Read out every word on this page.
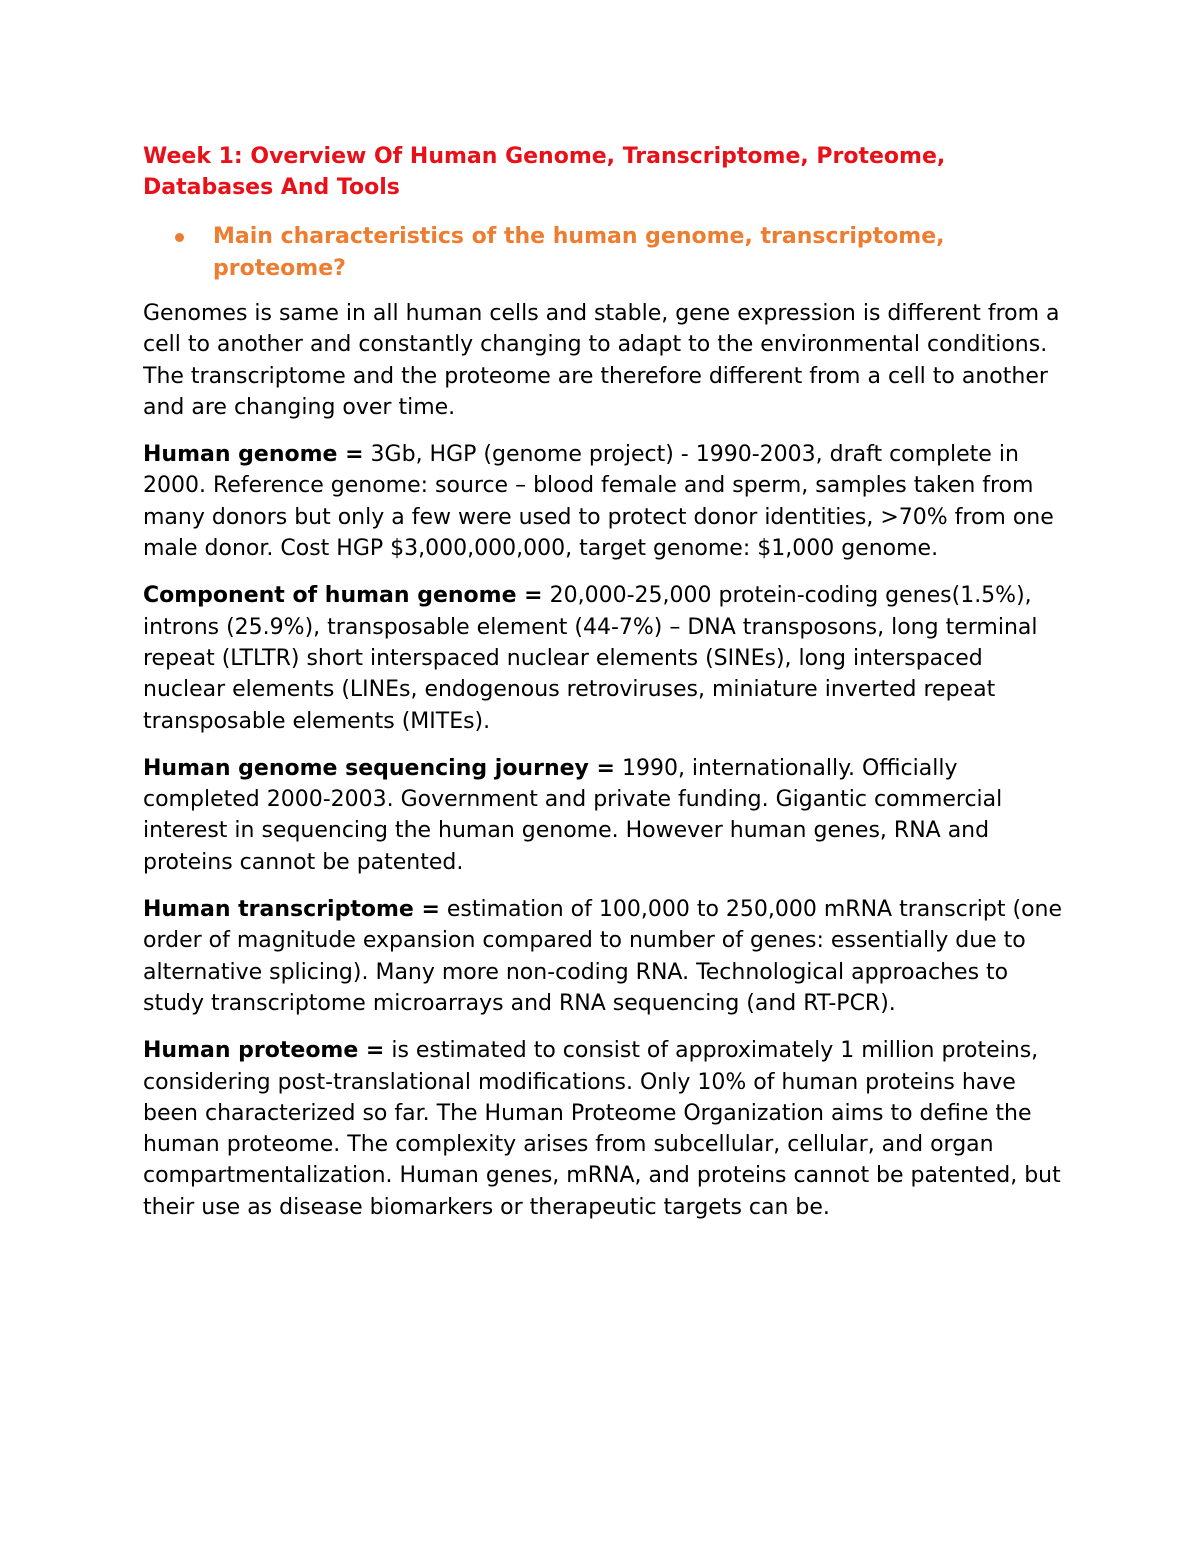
Week 1: Overview Of Human Genome, Transcriptome, Proteome, Databases And Tools
Main characteristics of the human genome, transcriptome, proteome?

Genomes is same in all human cells and stable, gene expression is different from a cell to another and constantly changing to adapt to the environmental conditions. The transcriptome and the proteome are therefore different from a cell to another and are changing over time.

Human genome = 3Gb, HGP (genome project) - 1990-2003, draft complete in 2000. Reference genome: source – blood female and sperm, samples taken from many donors but only a few were used to protect donor identities, >70% from one male donor. Cost HGP $3,000,000,000, target genome: $1,000 genome.

Component of human genome = 20,000-25,000 protein-coding genes(1.5%), introns (25.9%), transposable element (44-7%) – DNA transposons, long terminal repeat (LTLTR) short interspaced nuclear elements (SINEs), long interspaced nuclear elements (LINEs, endogenous retroviruses, miniature inverted repeat transposable elements (MITEs).

Human genome sequencing journey = 1990, internationally. Officially completed 2000-2003. Government and private funding. Gigantic commercial interest in sequencing the human genome. However human genes, RNA and proteins cannot be patented.

Human transcriptome = estimation of 100,000 to 250,000 mRNA transcript (one order of magnitude expansion compared to number of genes: essentially due to alternative splicing). Many more non-coding RNA. Technological approaches to study transcriptome microarrays and RNA sequencing (and RT-PCR).

Human proteome = is estimated to consist of approximately 1 million proteins, considering post-translational modifications. Only 10% of human proteins have been characterized so far. The Human Proteome Organization aims to define the human proteome. The complexity arises from subcellular, cellular, and organ compartmentalization. Human genes, mRNA, and proteins cannot be patented, but their use as disease biomarkers or therapeutic targets can be.
